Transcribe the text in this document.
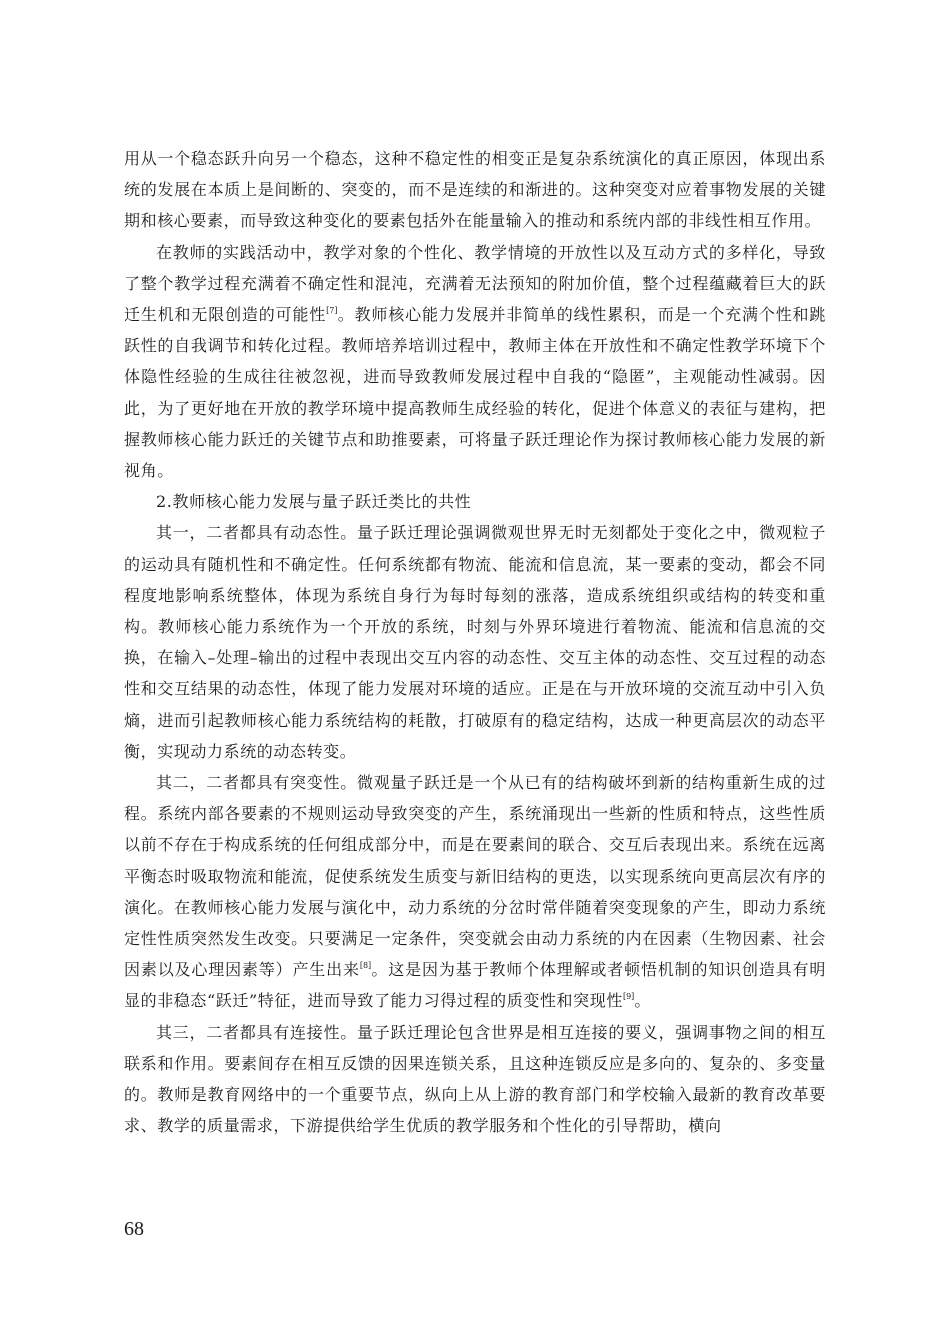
用从一个稳态跃升向另一个稳态，这种不稳定性的相变正是复杂系统演化的真正原因，体现出系统的发展在本质上是间断的、突变的，而不是连续的和渐进的。这种突变对应着事物发展的关键期和核心要素，而导致这种变化的要素包括外在能量输入的推动和系统内部的非线性相互作用。

在教师的实践活动中，教学对象的个性化、教学情境的开放性以及互动方式的多样化，导致了整个教学过程充满着不确定性和混沌，充满着无法预知的附加价值，整个过程蕴藏着巨大的跃迁生机和无限创造的可能性[7]。教师核心能力发展并非简单的线性累积，而是一个充满个性和跳跃性的自我调节和转化过程。教师培养培训过程中，教师主体在开放性和不确定性教学环境下个体隐性经验的生成往往被忽视，进而导致教师发展过程中自我的“隐匿”，主观能动性减弱。因此，为了更好地在开放的教学环境中提高教师生成经验的转化，促进个体意义的表征与建构，把握教师核心能力跃迁的关键节点和助推要素，可将量子跃迁理论作为探讨教师核心能力发展的新视角。

2.教师核心能力发展与量子跃迁类比的共性

其一，二者都具有动态性。量子跃迁理论强调微观世界无时无刻都处于变化之中，微观粒子的运动具有随机性和不确定性。任何系统都有物流、能流和信息流，某一要素的变动，都会不同程度地影响系统整体，体现为系统自身行为每时每刻的涨落，造成系统组织或结构的转变和重构。教师核心能力系统作为一个开放的系统，时刻与外界环境进行着物流、能流和信息流的交换，在输入–处理–输出的过程中表现出交互内容的动态性、交互主体的动态性、交互过程的动态性和交互结果的动态性，体现了能力发展对环境的适应。正是在与开放环境的交流互动中引入负熵，进而引起教师核心能力系统结构的耗散，打破原有的稳定结构，达成一种更高层次的动态平衡，实现动力系统的动态转变。

其二，二者都具有突变性。微观量子跃迁是一个从已有的结构破坏到新的结构重新生成的过程。系统内部各要素的不规则运动导致突变的产生，系统涌现出一些新的性质和特点，这些性质以前不存在于构成系统的任何组成部分中，而是在要素间的联合、交互后表现出来。系统在远离平衡态时吸取物流和能流，促使系统发生质变与新旧结构的更迭，以实现系统向更高层次有序的演化。在教师核心能力发展与演化中，动力系统的分岔时常伴随着突变现象的产生，即动力系统定性性质突然发生改变。只要满足一定条件，突变就会由动力系统的内在因素（生物因素、社会因素以及心理因素等）产生出来[8]。这是因为基于教师个体理解或者顿悟机制的知识创造具有明显的非稳态“跃迁”特征，进而导致了能力习得过程的质变性和突现性[9]。

其三，二者都具有连接性。量子跃迁理论包含世界是相互连接的要义，强调事物之间的相互联系和作用。要素间存在相互反馈的因果连锁关系，且这种连锁反应是多向的、复杂的、多变量的。教师是教育网络中的一个重要节点，纵向上从上游的教育部门和学校输入最新的教育改革要求、教学的质量需求，下游提供给学生优质的教学服务和个性化的引导帮助，横向

68
